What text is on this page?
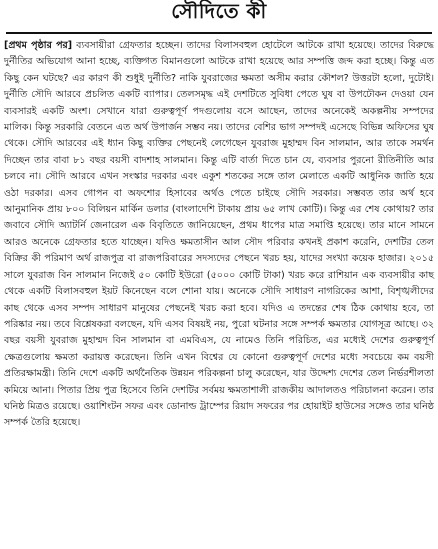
সৌদিতে কী

[প্রথম পৃষ্ঠার পর] ব্যবসায়ীরা গ্রেফতার হচ্ছেন। তাদের বিলাসবহুল হোটেলে আটকে রাখা হয়েছে। তাদের বিরুদ্ধে দুর্নীতির অভিযোগ আনা হচ্ছে, ব্যক্তিগত বিমানগুলো আটকে রাখা হয়েছে আর সম্পত্তি জব্দ করা হচ্ছে। কিন্তু এত কিছু কেন ঘটছে? এর কারণ কী শুধুই দুর্নীতি? নাকি যুবরাজের ক্ষমতা অসীম করার কৌশল? উত্তরটা হলো, দুটোই। দুর্নীতি সৌদি আরবে প্রচলিত একটি ব্যাপার। তেলসমৃদ্ধ এই দেশটিতে সুবিধা পেতে ঘুষ বা উপঢৌকন দেওয়া যেন ব্যবসারই একটি অংশ। সেখানে যারা গুরুত্বপূর্ণ পদগুলোয় বসে আছেন, তাদের অনেকেই অকল্পনীয় সম্পদের মালিক। কিন্তু সরকারি বেতনে এত অর্থ উপার্জন সম্ভব নয়। তাদের বেশির ভাগ সম্পদই এসেছে বিভিন্ন অফিসের ঘুষ থেকে। সৌদি আরবের এই ধ্যান কিছু ব্যক্তির পেছনেই লেগেছেন যুবরাজ মুহাম্মদ বিন সালমান, আর তাকে সমর্থন দিচ্ছেন তার বাবা ৮১ বছর বয়সী বাদশাহ সালমান। কিন্তু এটি বার্তা দিতে চান যে, ব্যবসার পুরনো রীতিনীতি আর চলবে না। সৌদি আরবে এখন সংস্কার দরকার এবং একুশ শতকের সঙ্গে তাল মেলাতে একটি আধুনিক জাতি হয়ে ওঠা দরকার। এসব গোপন বা অফশোর হিসাবের অর্থও পেতে চাইছে সৌদি সরকার। সম্ভবত তার অর্থ হবে আনুমানিক প্রায় ৮০০ বিলিয়ন মার্কিন ডলার (বাংলাদেশি টাকায় প্রায় ৬৫ লাখ কোটি)। কিন্তু এর শেষ কোথায়? তার জবাবে সৌদি অ্যাটর্নি জেনারেল এক বিবৃতিতে জানিয়েছেন, প্রথম ধাপের মাত্র সমাপ্তি হয়েছে। তার মানে সামনে আরও অনেকে গ্রেফতার হতে যাচ্ছেন। যদিও ক্ষমতাসীন আল সৌদ পরিবার কখনই প্রকাশ করেনি, দেশটির তেল বিক্রির কী পরিমাণ অর্থ রাজপুত্র বা রাজপরিবারের সদস্যদের পেছনে খরচ হয়, যাদের সংখ্যা কয়েক হাজার। ২০১৫ সালে যুবরাজ বিন সালমান নিজেই ৫০ কোটি ইউরো (৫০০০ কোটি টাকা) খরচ করে রাশিয়ান এক ব্যবসায়ীর কাছ থেকে একটি বিলাসবহুল ইয়ট কিনেছেন বলে শোনা যায়। অনেকে সৌদি সাধারণ নাগরিকের আশা, বিশৃঙ্খলীদের কাছ থেকে এসব সম্পদ সাধারণ মানুষের পেছনেই খরচ করা হবে। যদিও এ তদন্তের শেষ ঠিক কোথায় হবে, তা পরিষ্কার নয়। তবে বিশ্লেষকরা বলছেন, যদি এসব বিষয়ই নয়, পুরো ঘটনার সঙ্গে সম্পর্ক ক্ষমতার যোগসূত্র আছে। ৩২ বছর বয়সী যুবরাজ মুহাম্মদ বিন সালমান বা এমবিএস, যে নামেও তিনি পরিচিত, এর মধ্যেই দেশের গুরুত্বপূর্ণ ক্ষেত্রগুলোয় ক্ষমতা করায়ত্ত করেছেন। তিনি এখন বিশ্বের যে কোনো গুরুত্বপূর্ণ দেশের মধ্যে সবচেয়ে কম বয়সী প্রতিরক্ষামন্ত্রী। তিনি দেশে একটি অর্থনৈতিক উন্নয়ন পরিকল্পনা চালু করেছেন, যার উদ্দেশ্য দেশের তেল নির্ভরশীলতা কমিয়ে আনা। পিতার প্রিয় পুত্র হিসেবে তিনি দেশটির সর্বময় ক্ষমতাশালী রাজকীয় আদালতও পরিচালনা করেন। তার ঘনিষ্ঠ মিত্রও রয়েছে। ওয়াশিংটন সফর এবং ডোনাল্ড ট্রাম্পের রিয়াদ সফরের পর হোয়াইট হাউসের সঙ্গেও তার ঘনিষ্ঠ সম্পর্ক তৈরি হয়েছে।
